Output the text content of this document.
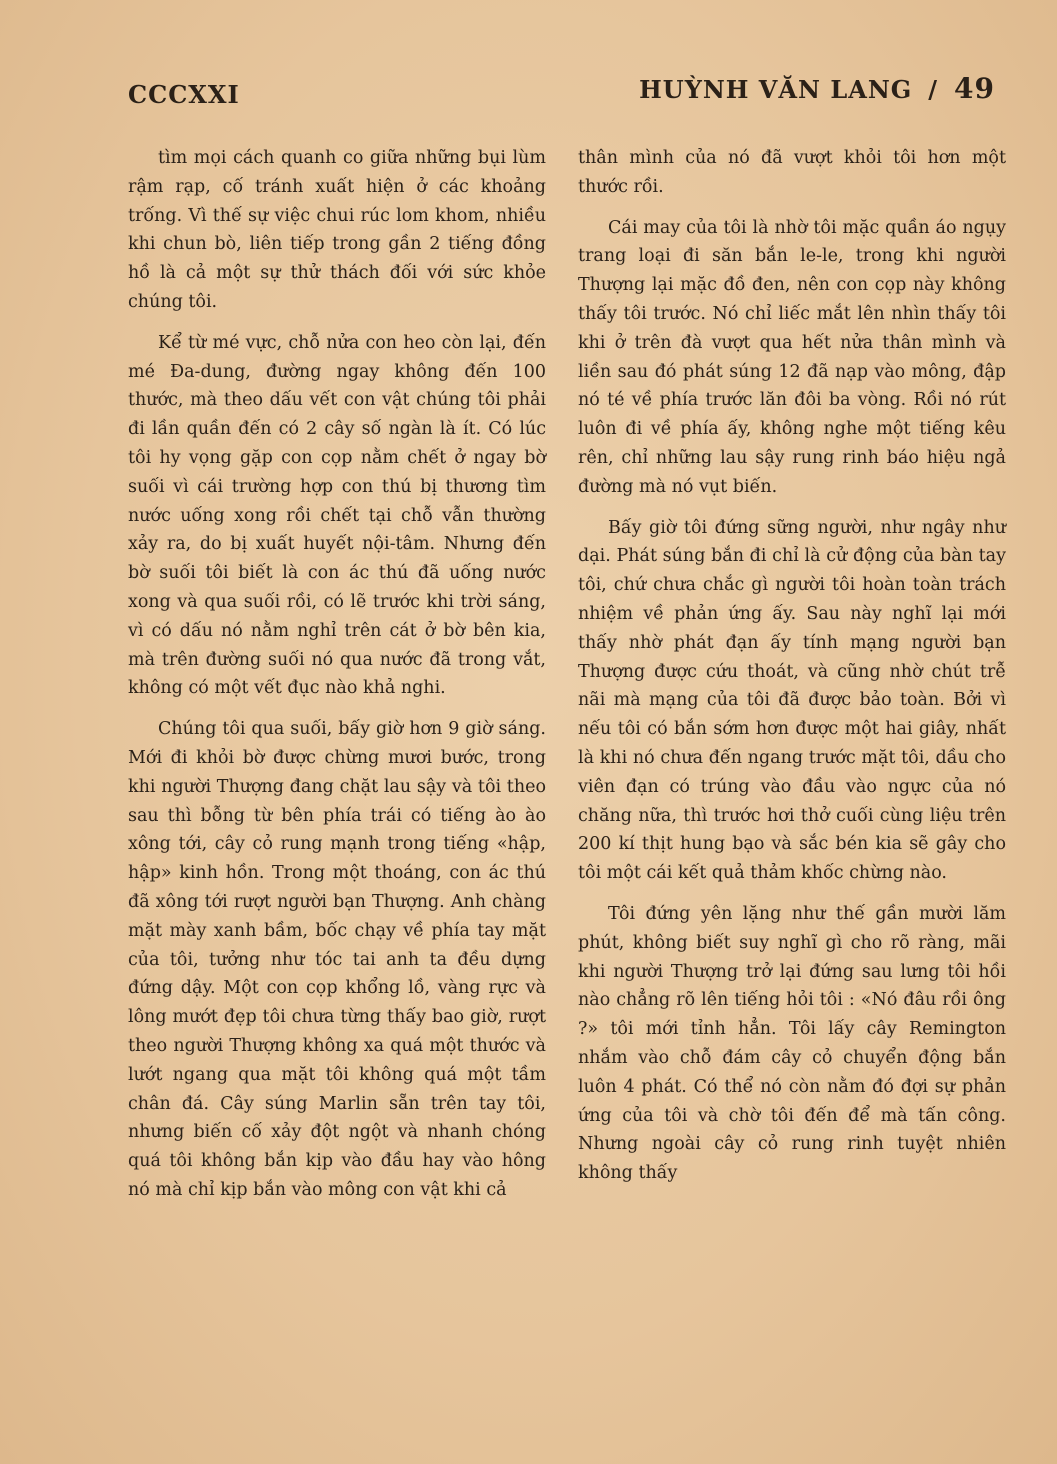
CCCXXI	HUỲNH VĂN LANG / 49

tìm mọi cách quanh co giữa những bụi lùm rậm rạp, cố tránh xuất hiện ở các khoảng trống. Vì thế sự việc chui rúc lom khom, nhiều khi chun bò, liên tiếp trong gần 2 tiếng đồng hồ là cả một sự thử thách đối với sức khỏe chúng tôi.

Kể từ mé vực, chỗ nửa con heo còn lại, đến mé Đa-dung, đường ngay không đến 100 thước, mà theo dấu vết con vật chúng tôi phải đi lần quần đến có 2 cây số ngàn là ít. Có lúc tôi hy vọng gặp con cọp nằm chết ở ngay bờ suối vì cái trường hợp con thú bị thương tìm nước uống xong rồi chết tại chỗ vẫn thường xảy ra, do bị xuất huyết nội-tâm. Nhưng đến bờ suối tôi biết là con ác thú đã uống nước xong và qua suối rồi, có lẽ trước khi trời sáng, vì có dấu nó nằm nghỉ trên cát ở bờ bên kia, mà trên đường suối nó qua nước đã trong vắt, không có một vết đục nào khả nghi.

Chúng tôi qua suối, bấy giờ hơn 9 giờ sáng. Mới đi khỏi bờ được chừng mươi bước, trong khi người Thượng đang chặt lau sậy và tôi theo sau thì bỗng từ bên phía trái có tiếng ào ào xông tới, cây cỏ rung mạnh trong tiếng «hập, hập» kinh hồn. Trong một thoáng, con ác thú đã xông tới rượt người bạn Thượng. Anh chàng mặt mày xanh bầm, bốc chạy về phía tay mặt của tôi, tưởng như tóc tai anh ta đều dựng đứng dậy. Một con cọp khổng lồ, vàng rực và lông mướt đẹp tôi chưa từng thấy bao giờ, rượt theo người Thượng không xa quá một thước và lướt ngang qua mặt tôi không quá một tầm chân đá. Cây súng Marlin sẵn trên tay tôi, nhưng biến cố xảy đột ngột và nhanh chóng quá tôi không bắn kịp vào đầu hay vào hông nó mà chỉ kịp bắn vào mông con vật khi cả

thân mình của nó đã vượt khỏi tôi hơn một thước rồi.

Cái may của tôi là nhờ tôi mặc quần áo ngụy trang loại đi săn bắn le-le, trong khi người Thượng lại mặc đồ đen, nên con cọp này không thấy tôi trước. Nó chỉ liếc mắt lên nhìn thấy tôi khi ở trên đà vượt qua hết nửa thân mình và liền sau đó phát súng 12 đã nạp vào mông, đập nó té về phía trước lăn đôi ba vòng. Rồi nó rút luôn đi về phía ấy, không nghe một tiếng kêu rên, chỉ những lau sậy rung rinh báo hiệu ngả đường mà nó vụt biến.

Bấy giờ tôi đứng sững người, như ngây như dại. Phát súng bắn đi chỉ là cử động của bàn tay tôi, chứ chưa chắc gì người tôi hoàn toàn trách nhiệm về phản ứng ấy. Sau này nghĩ lại mới thấy nhờ phát đạn ấy tính mạng người bạn Thượng được cứu thoát, và cũng nhờ chút trễ nãi mà mạng của tôi đã được bảo toàn. Bởi vì nếu tôi có bắn sớm hơn được một hai giây, nhất là khi nó chưa đến ngang trước mặt tôi, dầu cho viên đạn có trúng vào đầu vào ngực của nó chăng nữa, thì trước hơi thở cuối cùng liệu trên 200 kí thịt hung bạo và sắc bén kia sẽ gây cho tôi một cái kết quả thảm khốc chừng nào.

Tôi đứng yên lặng như thế gần mười lăm phút, không biết suy nghĩ gì cho rõ ràng, mãi khi người Thượng trở lại đứng sau lưng tôi hồi nào chẳng rõ lên tiếng hỏi tôi : «Nó đâu rồi ông ?» tôi mới tỉnh hẳn. Tôi lấy cây Remington nhắm vào chỗ đám cây cỏ chuyển động bắn luôn 4 phát. Có thể nó còn nằm đó đợi sự phản ứng của tôi và chờ tôi đến để mà tấn công. Nhưng ngoài cây cỏ rung rinh tuyệt nhiên không thấy
